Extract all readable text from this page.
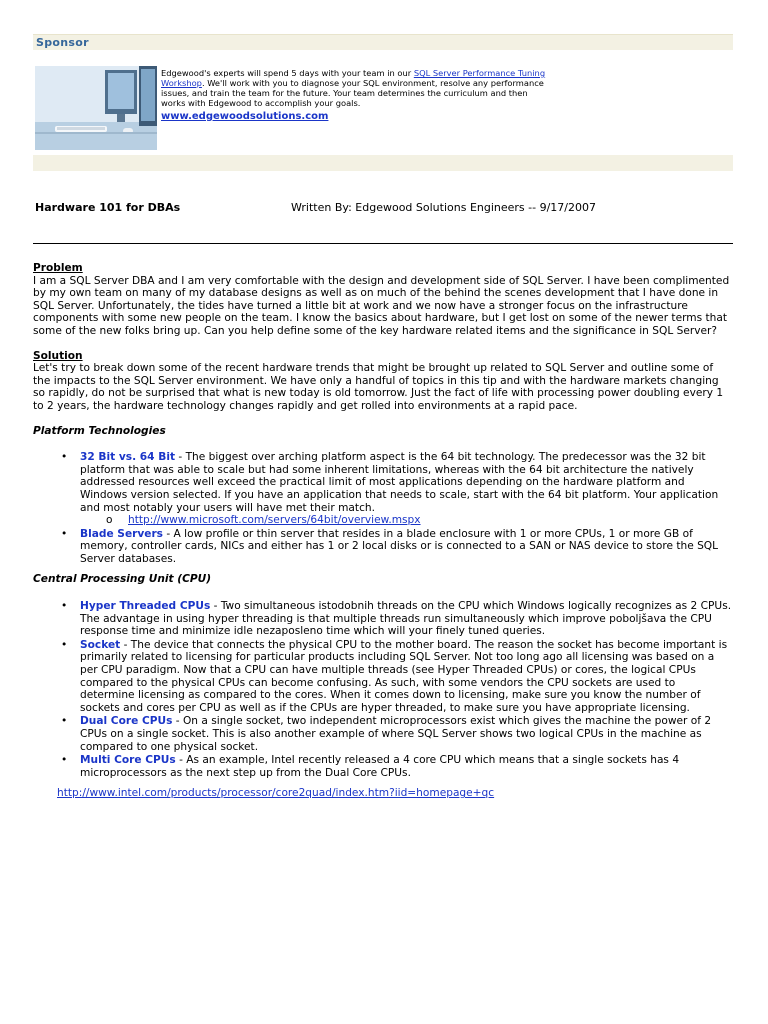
Sponsor
Edgewood's experts will spend 5 days with your team in our SQL Server Performance Tuning Workshop. We'll work with you to diagnose your SQL environment, resolve any performance issues, and train the team for the future. Your team determines the curriculum and then works with Edgewood to accomplish your goals.
www.edgewoodsolutions.com
Hardware 101 for DBAs	Written By: Edgewood Solutions Engineers -- 9/17/2007
Problem
I am a SQL Server DBA and I am very comfortable with the design and development side of SQL Server. I have been complimented by my own team on many of my database designs as well as on much of the behind the scenes development that I have done in SQL Server. Unfortunately, the tides have turned a little bit at work and we now have a stronger focus on the infrastructure components with some new people on the team. I know the basics about hardware, but I get lost on some of the newer terms that some of the new folks bring up. Can you help define some of the key hardware related items and the significance in SQL Server?
Solution
Let's try to break down some of the recent hardware trends that might be brought up related to SQL Server and outline some of the impacts to the SQL Server environment. We have only a handful of topics in this tip and with the hardware markets changing so rapidly, do not be surprised that what is new today is old tomorrow. Just the fact of life with processing power doubling every 1 to 2 years, the hardware technology changes rapidly and get rolled into environments at a rapid pace.
Platform Technologies
• 32 Bit vs. 64 Bit - The biggest over arching platform aspect is the 64 bit technology. The predecessor was the 32 bit platform that was able to scale but had some inherent limitations, whereas with the 64 bit architecture the natively addressed resources well exceed the practical limit of most applications depending on the hardware platform and Windows version selected. If you have an application that needs to scale, start with the 64 bit platform. Your application and most notably your users will have met their match.
o http://www.microsoft.com/servers/64bit/overview.mspx
• Blade Servers - A low profile or thin server that resides in a blade enclosure with 1 or more CPUs, 1 or more GB of memory, controller cards, NICs and either has 1 or 2 local disks or is connected to a SAN or NAS device to store the SQL Server databases.
Central Processing Unit (CPU)
• Hyper Threaded CPUs - Two simultaneous istodobnih threads on the CPU which Windows logically recognizes as 2 CPUs. The advantage in using hyper threading is that multiple threads run simultaneously which improve poboljšava the CPU response time and minimize idle nezaposleno time which will your finely tuned queries.
• Socket - The device that connects the physical CPU to the mother board. The reason the socket has become important is primarily related to licensing for particular products including SQL Server. Not too long ago all licensing was based on a per CPU paradigm. Now that a CPU can have multiple threads (see Hyper Threaded CPUs) or cores, the logical CPUs compared to the physical CPUs can become confusing. As such, with some vendors the CPU sockets are used to determine licensing as compared to the cores. When it comes down to licensing, make sure you know the number of sockets and cores per CPU as well as if the CPUs are hyper threaded, to make sure you have appropriate licensing.
• Dual Core CPUs - On a single socket, two independent microprocessors exist which gives the machine the power of 2 CPUs on a single socket. This is also another example of where SQL Server shows two logical CPUs in the machine as compared to one physical socket.
• Multi Core CPUs - As an example, Intel recently released a 4 core CPU which means that a single sockets has 4 microprocessors as the next step up from the Dual Core CPUs.
http://www.intel.com/products/processor/core2quad/index.htm?iid=homepage+qc
